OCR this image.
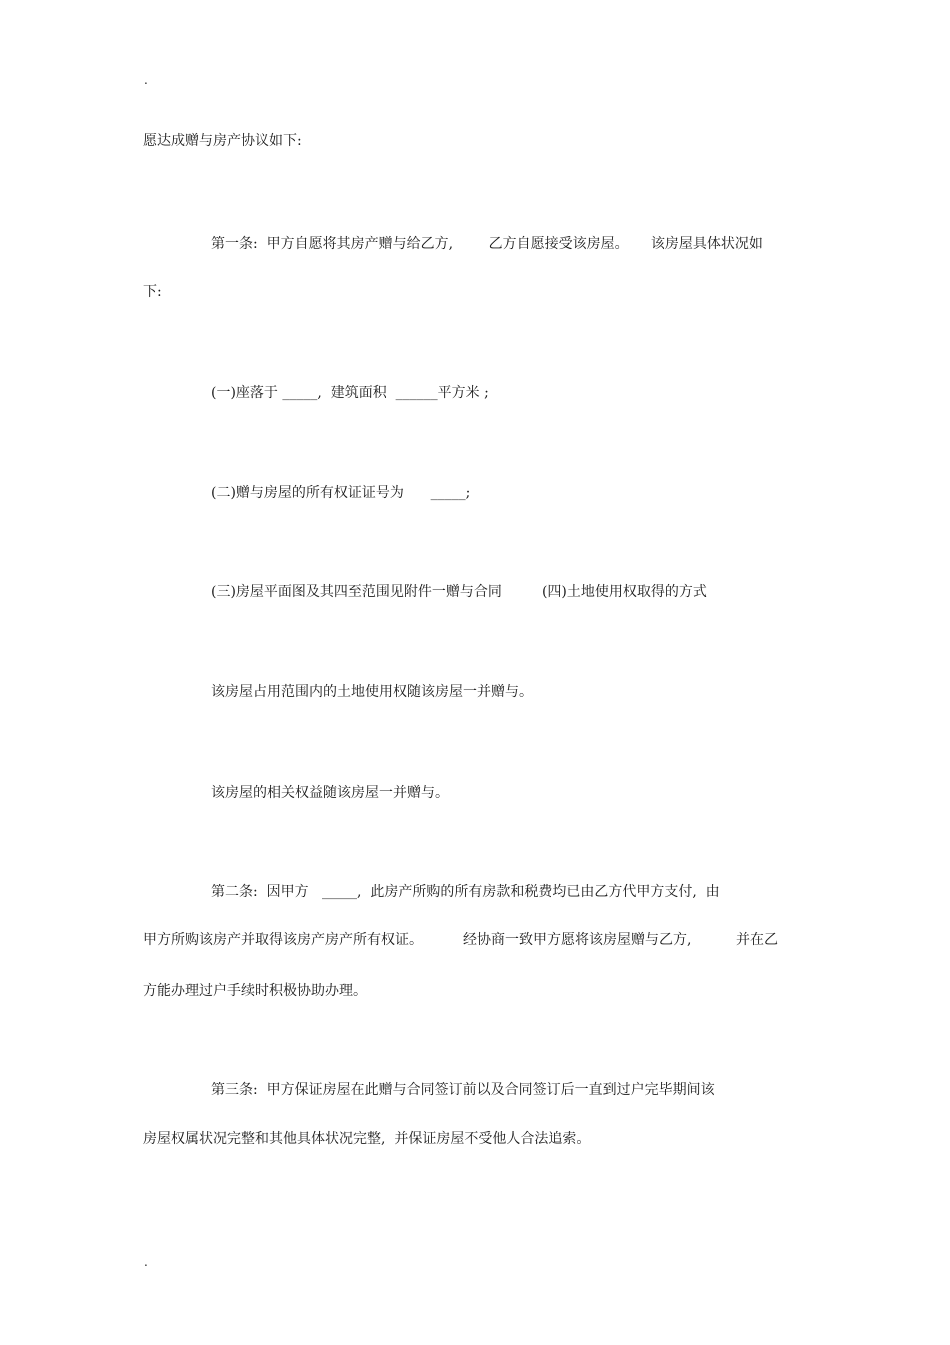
.
愿达成赠与房产协议如下:
第一条:  甲方自愿将其房产赠与给乙方,        乙方自愿接受该房屋。     该房屋具体状况如
下:
(一)座落于 _____,  建筑面积  ______平方米 ;
(二)赠与房屋的所有权证证号为      _____;
(三)房屋平面图及其四至范围见附件一赠与合同         (四)土地使用权取得的方式
该房屋占用范围内的土地使用权随该房屋一并赠与。
该房屋的相关权益随该房屋一并赠与。
第二条:  因甲方   _____,  此房产所购的所有房款和税费均已由乙方代甲方支付,  由
甲方所购该房产并取得该房产房产所有权证。         经协商一致甲方愿将该房屋赠与乙方,          并在乙
方能办理过户手续时积极协助办理。
第三条:  甲方保证房屋在此赠与合同签订前以及合同签订后一直到过户完毕期间该
房屋权属状况完整和其他具体状况完整,  并保证房屋不受他人合法追索。
.
